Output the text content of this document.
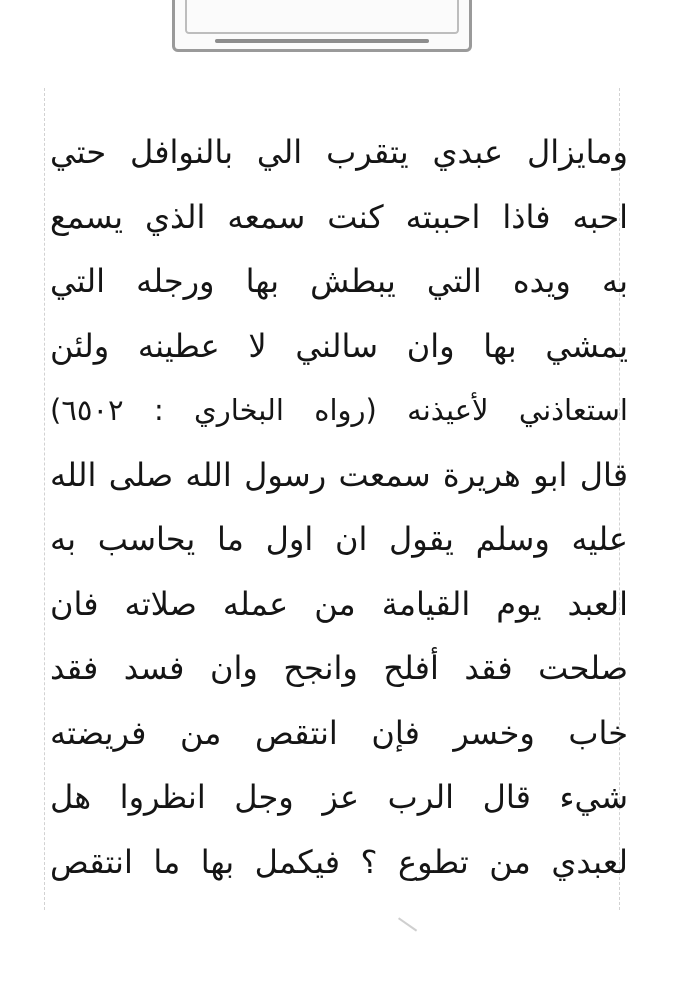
ومايزال عبدي يتقرب الي بالنوافل حتي
احبه فاذا احببته كنت سمعه الذي يسمع
به ويده التي يبطش بها ورجله التي
يمشي بها وان سالني لا عطينه ولئن
استعاذني لأعيذنه (رواه البخاري : ٦٥٠٢)
قال ابو هريرة سمعت رسول الله صلى الله
عليه وسلم يقول ان اول ما يحاسب به
العبد يوم القيامة من عمله صلاته فان
صلحت فقد أفلح وانجح وان فسد فقد
خاب وخسر فإن انتقص من فريضته
شيء قال الرب عز وجل انظروا هل
لعبدي من تطوع ؟ فيكمل بها ما انتقص
